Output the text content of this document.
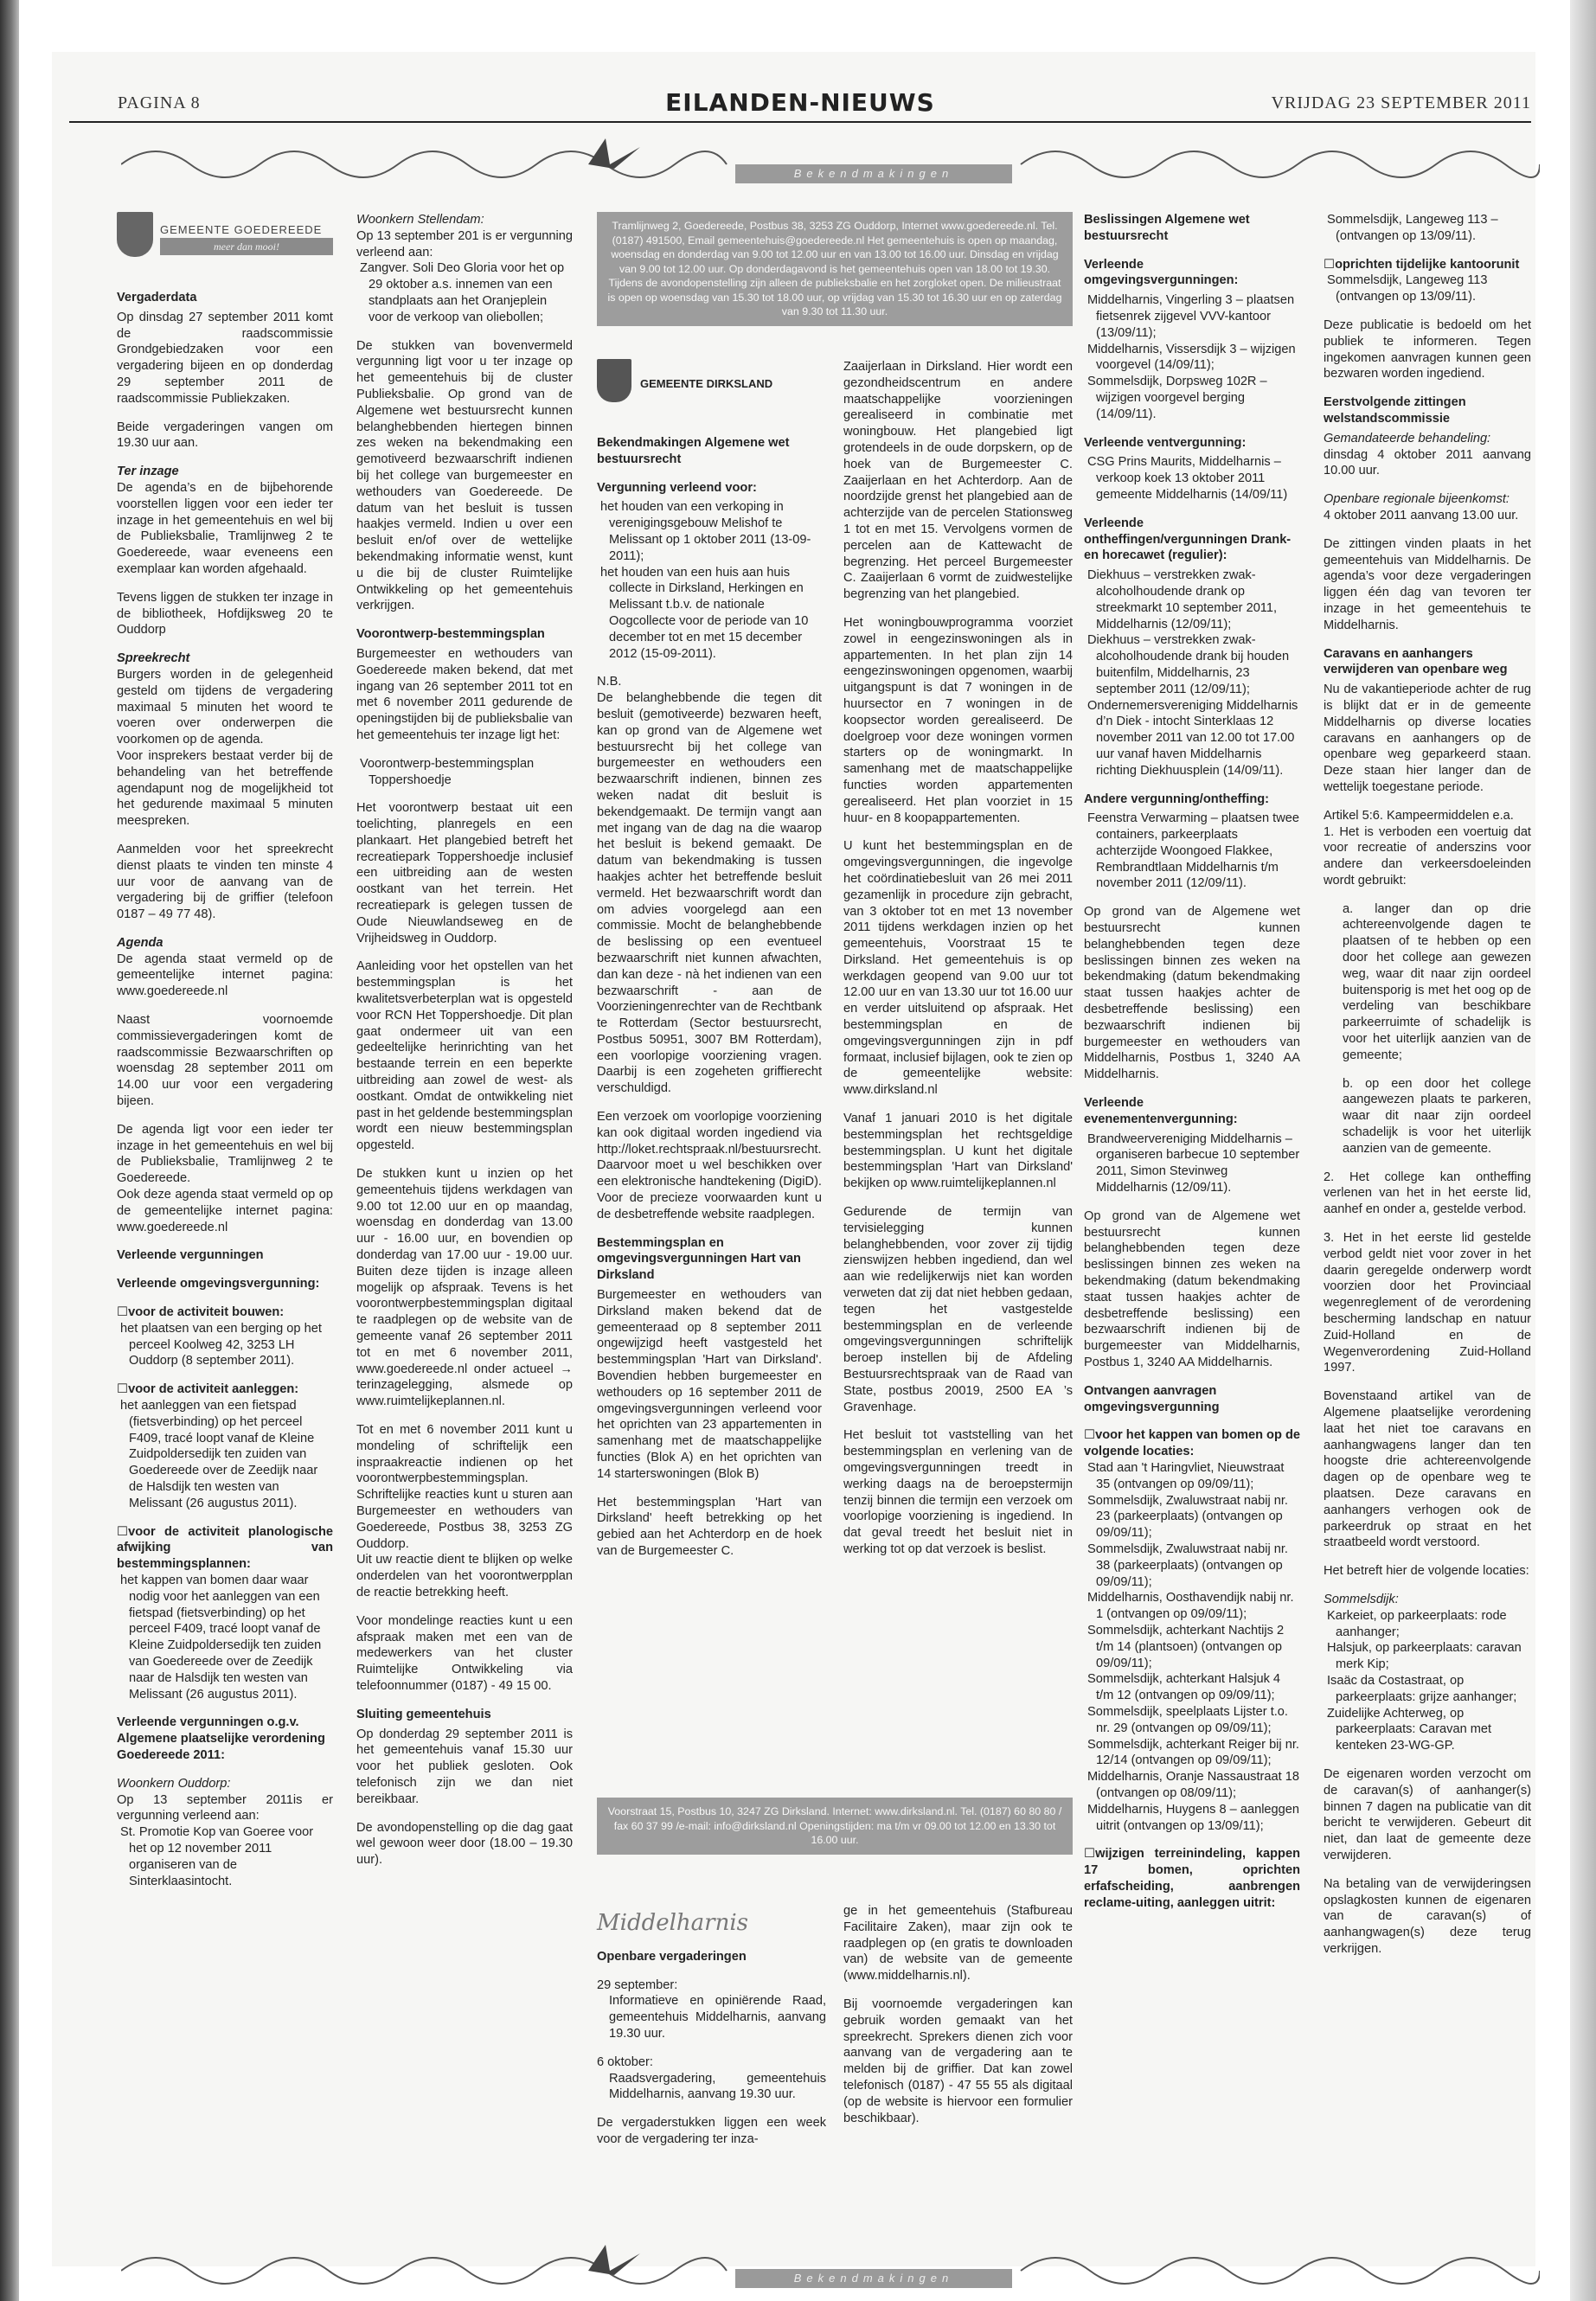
PAGINA 8	EILANDEN-NIEUWS	VRIJDAG 23 SEPTEMBER 2011
Bekendmakingen
GEMEENTE GOEDEREEDE
meer dan mooi!

Vergaderdata

Op dinsdag 27 september 2011 komt de raadscommissie Grondgebiedzaken voor een vergadering bijeen en op donderdag 29 september 2011 de raadscommissie Publiekzaken.

Beide vergaderingen vangen om 19.30 uur aan.

Ter inzage

De agenda’s en de bijbehorende voorstellen liggen voor een ieder ter inzage in het gemeentehuis en wel bij de Publieksbalie, Tramlijnweg 2 te Goedereede, waar eveneens een exemplaar kan worden afgehaald.

Tevens liggen de stukken ter inzage in de bibliotheek, Hofdijksweg 20 te Ouddorp

Spreekrecht

Burgers worden in de gelegenheid gesteld om tijdens de vergadering maximaal 5 minuten het woord te voeren over onderwerpen die voorkomen op de agenda.

Voor insprekers bestaat verder bij de behandeling van het betreffende agendapunt nog de mogelijkheid tot het gedurende maximaal 5 minuten meespreken.

Aanmelden voor het spreekrecht dienst plaats te vinden ten minste 4 uur voor de aanvang van de vergadering bij de griffier (telefoon 0187 – 49 77 48).

Agenda

De agenda staat vermeld op de gemeentelijke internet pagina: www.goedereede.nl

Naast voornoemde commissievergaderingen komt de raadscommissie Bezwaarschriften op woensdag 28 september 2011 om 14.00 uur voor een vergadering bijeen.

De agenda ligt voor een ieder ter inzage in het gemeentehuis en wel bij de Publieksbalie, Tramlijnweg 2 te Goedereede.

Ook deze agenda staat vermeld op op de gemeentelijke internet pagina: www.goedereede.nl

Verleende vergunningen

Verleende omgevingsvergunning:

☐ voor de activiteit bouwen:

het plaatsen van een berging op het perceel Koolweg 42, 3253 LH Ouddorp (8 september 2011).

☐ voor de activiteit aanleggen:

het aanleggen van een fietspad (fietsverbinding) op het perceel F409, tracé loopt vanaf de Kleine Zuidpoldersedijk ten zuiden van Goedereede over de Zeedijk naar de Halsdijk ten westen van Melissant (26 augustus 2011).

☐ voor de activiteit planologische afwijking van bestemmingsplannen:

het kappen van bomen daar waar nodig voor het aanleggen van een fietspad (fietsverbinding) op het perceel F409, tracé loopt vanaf de Kleine Zuidpoldersedijk ten zuiden van Goedereede over de Zeedijk naar de Halsdijk ten westen van Melissant (26 augustus 2011).

Verleende vergunningen o.g.v. Algemene plaatselijke verordening Goedereede 2011:

Woonkern Ouddorp:

Op 13 september 2011is er vergunning verleend aan:

St. Promotie Kop van Goeree voor het op 12 november 2011 organiseren van de Sinterklaasintocht.

Woonkern Stellendam:

Op 13 september 201 is er vergunning verleend aan:

Zangver. Soli Deo Gloria voor het op 29 oktober a.s. innemen van een standplaats aan het Oranjeplein voor de verkoop van oliebollen;

De stukken van bovenvermeld vergunning ligt voor u ter inzage op het gemeentehuis bij de cluster Publieksbalie. Op grond van de Algemene wet bestuursrecht kunnen belanghebbenden hiertegen binnen zes weken na bekendmaking een gemotiveerd bezwaarschrift indienen bij het college van burgemeester en wethouders van Goedereede. De datum van het besluit is tussen haakjes vermeld. Indien u over een besluit en/of over de wettelijke bekendmaking informatie wenst, kunt u die bij de cluster Ruimtelijke Ontwikkeling op het gemeentehuis verkrijgen.

Voorontwerp-bestemmingsplan

Burgemeester en wethouders van Goedereede maken bekend, dat met ingang van 26 september 2011 tot en met 6 november 2011 gedurende de openingstijden bij de publieksbalie van het gemeentehuis ter inzage ligt het:

Voorontwerp-bestemmingsplan Toppershoedje

Het voorontwerp bestaat uit een toelichting, planregels en een plankaart. Het plangebied betreft het recreatiepark Toppershoedje inclusief een uitbreiding aan de westen oostkant van het terrein. Het recreatiepark is gelegen tussen de Oude Nieuwlandseweg en de Vrijheidsweg in Ouddorp.

Aanleiding voor het opstellen van het bestemmingsplan is het kwalitetsverbeterplan wat is opgesteld voor RCN Het Toppershoedje. Dit plan gaat ondermeer uit van een gedeeltelijke herinrichting van het bestaande terrein en een beperkte uitbreiding aan zowel de west- als oostkant. Omdat de ontwikkeling niet past in het geldende bestemmingsplan wordt een nieuw bestemmingsplan opgesteld.

De stukken kunt u inzien op het gemeentehuis tijdens werkdagen van 9.00 tot 12.00 uur en op maandag, woensdag en donderdag van 13.00 uur - 16.00 uur, en bovendien op donderdag van 17.00 uur - 19.00 uur. Buiten deze tijden is inzage alleen mogelijk op afspraak. Tevens is het voorontwerpbestemmingsplan digitaal te raadplegen op de website van de gemeente vanaf 26 september 2011 tot en met 6 november 2011, www.goedereede.nl onder actueel → terinzagelegging, alsmede op www.ruimtelijkeplannen.nl.

Tot en met 6 november 2011 kunt u mondeling of schriftelijk een inspraakreactie indienen op het voorontwerpbestemmingsplan. Schriftelijke reacties kunt u sturen aan Burgemeester en wethouders van Goedereede, Postbus 38, 3253 ZG Ouddorp.

Uit uw reactie dient te blijken op welke onderdelen van het voorontwerpplan de reactie betrekking heeft.

Voor mondelinge reacties kunt u een afspraak maken met een van de medewerkers van het cluster Ruimtelijke Ontwikkeling via telefoonnummer (0187) - 49 15 00.

Sluiting gemeentehuis

Op donderdag 29 september 2011 is het gemeentehuis vanaf 15.30 uur voor het publiek gesloten. Ook telefonisch zijn we dan niet bereikbaar.

De avondopenstelling op die dag gaat wel gewoon weer door (18.00 – 19.30 uur).

Tramlijnweg 2, Goedereede, Postbus 38, 3253 ZG Ouddorp, Internet www.goedereede.nl. Tel. (0187) 491500, Email gemeentehuis@goedereede.nl Het gemeentehuis is open op maandag, woensdag en donderdag van 9.00 tot 12.00 uur en van 13.00 tot 16.00 uur. Dinsdag en vrijdag van 9.00 tot 12.00 uur. Op donderdagavond is het gemeentehuis open van 18.00 tot 19.30. Tijdens de avondopenstelling zijn alleen de publieksbalie en het zorgloket open. De milieustraat is open op woensdag van 15.30 tot 18.00 uur, op vrijdag van 15.30 tot 16.30 uur en op zaterdag van 9.30 tot 11.30 uur.
GEMEENTE DIRKSLAND

Bekendmakingen Algemene wet bestuursrecht

Vergunning verleend voor:

het houden van een verkoping in verenigingsgebouw Melishof te Melissant op 1 oktober 2011 (13-09-2011);
het houden van een huis aan huis collecte in Dirksland, Herkingen en Melissant t.b.v. de nationale Oogcollecte voor de periode van 10 december tot en met 15 december 2012 (15-09-2011).

N.B.

De belanghebbende die tegen dit besluit (gemotiveerde) bezwaren heeft, kan op grond van de Algemene wet bestuursrecht bij het college van burgemeester en wethouders een bezwaarschrift indienen, binnen zes weken nadat dit besluit is bekendgemaakt. De termijn vangt aan met ingang van de dag na die waarop het besluit is bekend gemaakt. De datum van bekendmaking is tussen haakjes achter het betreffende besluit vermeld. Het bezwaarschrift wordt dan om advies voorgelegd aan een commissie. Mocht de belanghebbende de beslissing op een eventueel bezwaarschrift niet kunnen afwachten, dan kan deze - nà het indienen van een bezwaarschrift - aan de Voorzieningenrechter van de Rechtbank te Rotterdam (Sector bestuursrecht, Postbus 50951, 3007 BM Rotterdam), een voorlopige voorziening vragen. Daarbij is een zogeheten griffierecht verschuldigd.

Een verzoek om voorlopige voorziening kan ook digitaal worden ingediend via http://loket.rechtspraak.nl/bestuursrecht. Daarvoor moet u wel beschikken over een elektronische handtekening (DigiD). Voor de precieze voorwaarden kunt u de desbetreffende website raadplegen.

Bestemmingsplan en omgevingsvergunningen Hart van Dirksland

Burgemeester en wethouders van Dirksland maken bekend dat de gemeenteraad op 8 september 2011 ongewijzigd heeft vastgesteld het bestemmingsplan 'Hart van Dirksland'. Bovendien hebben burgemeester en wethouders op 16 september 2011 de omgevingsvergunningen verleend voor het oprichten van 23 appartementen in samenhang met de maatschappelijke functies (Blok A) en het oprichten van 14 starterswoningen (Blok B)

Het bestemmingsplan 'Hart van Dirksland' heeft betrekking op het gebied aan het Achterdorp en de hoek van de Burgemeester C.

Zaaijerlaan in Dirksland. Hier wordt een gezondheidscentrum en andere maatschappelijke voorzieningen gerealiseerd in combinatie met woningbouw. Het plangebied ligt grotendeels in de oude dorpskern, op de hoek van de Burgemeester C. Zaaijerlaan en het Achterdorp. Aan de noordzijde grenst het plangebied aan de achterzijde van de percelen Stationsweg 1 tot en met 15. Vervolgens vormen de percelen aan de Kattewacht de begrenzing. Het perceel Burgemeester C. Zaaijerlaan 6 vormt de zuidwestelijke begrenzing van het plangebied.

Het woningbouwprogramma voorziet zowel in eengezinswoningen als in appartementen. In het plan zijn 14 eengezinswoningen opgenomen, waarbij uitgangspunt is dat 7 woningen in de huursector en 7 woningen in de koopsector worden gerealiseerd. De doelgroep voor deze woningen vormen starters op de woningmarkt. In samenhang met de maatschappelijke functies worden appartementen gerealiseerd. Het plan voorziet in 15 huur- en 8 koopappartementen.

U kunt het bestemmingsplan en de omgevingsvergunningen, die ingevolge het coördinatiebesluit van 26 mei 2011 gezamenlijk in procedure zijn gebracht, van 3 oktober tot en met 13 november 2011 tijdens werkdagen inzien op het gemeentehuis, Voorstraat 15 te Dirksland. Het gemeentehuis is op werkdagen geopend van 9.00 uur tot 12.00 uur en van 13.30 uur tot 16.00 uur en verder uitsluitend op afspraak. Het bestemmingsplan en de omgevingsvergunningen zijn in pdf formaat, inclusief bijlagen, ook te zien op de gemeentelijke website: www.dirksland.nl

Vanaf 1 januari 2010 is het digitale bestemmingsplan het rechtsgeldige bestemmingsplan. U kunt het digitale bestemmingsplan 'Hart van Dirksland' bekijken op www.ruimtelijkeplannen.nl

Gedurende de termijn van tervisielegging kunnen belanghebbenden, voor zover zij tijdig zienswijzen hebben ingediend, dan wel aan wie redelijkerwijs niet kan worden verweten dat zij dat niet hebben gedaan, tegen het vastgestelde bestemmingsplan en de verleende omgevingsvergunningen schriftelijk beroep instellen bij de Afdeling Bestuursrechtspraak van de Raad van State, postbus 20019, 2500 EA ’s Gravenhage.

Het besluit tot vaststelling van het bestemmingsplan en verlening van de omgevingsvergunningen treedt in werking daags na de beroepstermijn tenzij binnen die termijn een verzoek om voorlopige voorziening is ingediend. In dat geval treedt het besluit niet in werking tot op dat verzoek is beslist.

Voorstraat 15, Postbus 10, 3247 ZG Dirksland. Internet: www.dirksland.nl. Tel. (0187) 60 80 80 / fax 60 37 99 /e-mail: info@dirksland.nl Openingstijden: ma t/m vr 09.00 tot 12.00 en 13.30 tot 16.00 uur.
Middelharnis

Openbare vergaderingen

29 september:

Informatieve en opiniërende Raad, gemeentehuis Middelharnis, aanvang 19.30 uur.

6 oktober:

Raadsvergadering, gemeentehuis Middelharnis, aanvang 19.30 uur.

De vergaderstukken liggen een week voor de vergadering ter inza-

ge in het gemeentehuis (Stafbureau Facilitaire Zaken), maar zijn ook te raadplegen op (en gratis te downloaden van) de website van de gemeente (www.middelharnis.nl).

Bij voornoemde vergaderingen kan gebruik worden gemaakt van het spreekrecht. Sprekers dienen zich voor aanvang van de vergadering aan te melden bij de griffier. Dat kan zowel telefonisch (0187) - 47 55 55 als digitaal (op de website is hiervoor een formulier beschikbaar).

Beslissingen Algemene wet bestuursrecht

Verleende omgevingsvergunningen:

Middelharnis, Vingerling 3 – plaatsen fietsenrek zijgevel VVV-kantoor (13/09/11);
Middelharnis, Vissersdijk 3 – wijzigen voorgevel (14/09/11);
Sommelsdijk, Dorpsweg 102R – wijzigen voorgevel berging (14/09/11).

Verleende ventvergunning:

CSG Prins Maurits, Middelharnis – verkoop koek 13 oktober 2011 gemeente Middelharnis (14/09/11)

Verleende ontheffingen/vergunningen Drank- en horecawet (regulier):

Diekhuus – verstrekken zwak-alcoholhoudende drank op streekmarkt 10 september 2011, Middelharnis (12/09/11);
Diekhuus – verstrekken zwak-alcoholhoudende drank bij houden buitenfilm, Middelharnis, 23 september 2011 (12/09/11);
Ondernemersvereniging Middelharnis d’n Diek - intocht Sinterklaas 12 november 2011 van 12.00 tot 17.00 uur vanaf haven Middelharnis richting Diekhuusplein (14/09/11).

Andere vergunning/ontheffing:

Feenstra Verwarming – plaatsen twee containers, parkeerplaats achterzijde Woongoed Flakkee, Rembrandtlaan Middelharnis t/m november 2011 (12/09/11).

Op grond van de Algemene wet bestuursrecht kunnen belanghebbenden tegen deze beslissingen binnen zes weken na bekendmaking (datum bekendmaking staat tussen haakjes achter de desbetreffende beslissing) een bezwaarschrift indienen bij burgemeester en wethouders van Middelharnis, Postbus 1, 3240 AA Middelharnis.

Verleende evenementenvergunning:

Brandweervereniging Middelharnis – organiseren barbecue 10 september 2011, Simon Stevinweg Middelharnis (12/09/11).

Op grond van de Algemene wet bestuursrecht kunnen belanghebbenden tegen deze beslissingen binnen zes weken na bekendmaking (datum bekendmaking staat tussen haakjes achter de desbetreffende beslissing) een bezwaarschrift indienen bij de burgemeester van Middelharnis, Postbus 1, 3240 AA Middelharnis.

Ontvangen aanvragen omgevingsvergunning

☐ voor het kappen van bomen op de volgende locaties:

Stad aan 't Haringvliet, Nieuwstraat 35 (ontvangen op 09/09/11);
Sommelsdijk, Zwaluwstraat nabij nr. 23 (parkeerplaats) (ontvangen op 09/09/11);
Sommelsdijk, Zwaluwstraat nabij nr. 38 (parkeerplaats) (ontvangen op 09/09/11);
Middelharnis, Oosthavendijk nabij nr. 1 (ontvangen op 09/09/11);
Sommelsdijk, achterkant Nachtijs 2 t/m 14 (plantsoen) (ontvangen op 09/09/11);
Sommelsdijk, achterkant Halsjuk 4 t/m 12 (ontvangen op 09/09/11);
Sommelsdijk, speelplaats Lijster t.o. nr. 29 (ontvangen op 09/09/11);
Sommelsdijk, achterkant Reiger bij nr. 12/14 (ontvangen op 09/09/11);
Middelharnis, Oranje Nassaustraat 18 (ontvangen op 08/09/11);
Middelharnis, Huygens 8 – aanleggen uitrit (ontvangen op 13/09/11);

☐ wijzigen terreinindeling, kappen 17 bomen, oprichten erfafscheiding, aanbrengen reclame-uiting, aanleggen uitrit:

Sommelsdijk, Langeweg 113 – (ontvangen op 13/09/11).

☐ oprichten tijdelijke kantoorunit

Sommelsdijk, Langeweg 113 (ontvangen op 13/09/11).

Deze publicatie is bedoeld om het publiek te informeren. Tegen ingekomen aanvragen kunnen geen bezwaren worden ingediend.

Eerstvolgende zittingen welstandscommissie

Gemandateerde behandeling:

dinsdag 4 oktober 2011 aanvang 10.00 uur.

Openbare regionale bijeenkomst:

4 oktober 2011 aanvang 13.00 uur.

De zittingen vinden plaats in het gemeentehuis van Middelharnis. De agenda’s voor deze vergaderingen liggen één dag van tevoren ter inzage in het gemeentehuis te Middelharnis.

Caravans en aanhangers verwijderen van openbare weg

Nu de vakantieperiode achter de rug is blijkt dat er in de gemeente Middelharnis op diverse locaties caravans en aanhangers op de openbare weg geparkeerd staan. Deze staan hier langer dan de wettelijk toegestane periode.

Artikel 5:6. Kampeermiddelen e.a.

1. Het is verboden een voertuig dat voor recreatie of anderszins voor andere dan verkeersdoeleinden wordt gebruikt:

a. langer dan op drie achtereenvolgende dagen te plaatsen of te hebben op een door het college aan gewezen weg, waar dit naar zijn oordeel buitensporig is met het oog op de verdeling van beschikbare parkeerruimte of schadelijk is voor het uiterlijk aanzien van de gemeente;

b. op een door het college aangewezen plaats te parkeren, waar dit naar zijn oordeel schadelijk is voor het uiterlijk aanzien van de gemeente.

2. Het college kan ontheffing verlenen van het in het eerste lid, aanhef en onder a, gestelde verbod.

3. Het in het eerste lid gestelde verbod geldt niet voor zover in het daarin geregelde onderwerp wordt voorzien door het Provinciaal wegenreglement of de verordening bescherming landschap en natuur Zuid-Holland en de Wegenverordening Zuid-Holland 1997.

Bovenstaand artikel van de Algemene plaatselijke verordening laat het niet toe caravans en aanhangwagens langer dan ten hoogste drie achtereenvolgende dagen op de openbare weg te plaatsen. Deze caravans en aanhangers verhogen ook de parkeerdruk op straat en het straatbeeld wordt verstoord.

Het betreft hier de volgende locaties:

Sommelsdijk:

Karkeiet, op parkeerplaats: rode aanhanger;
Halsjuk, op parkeerplaats: caravan merk Kip;
Isaäc da Costastraat, op parkeerplaats: grijze aanhanger;
Zuidelijke Achterweg, op parkeerplaats: Caravan met kenteken 23-WG-GP.

De eigenaren worden verzocht om de caravan(s) of aanhanger(s) binnen 7 dagen na publicatie van dit bericht te verwijderen. Gebeurt dit niet, dan laat de gemeente deze verwijderen.

Na betaling van de verwijderingsen opslagkosten kunnen de eigenaren van de caravan(s) of aanhangwagen(s) deze terug verkrijgen.

Bekendmakingen
